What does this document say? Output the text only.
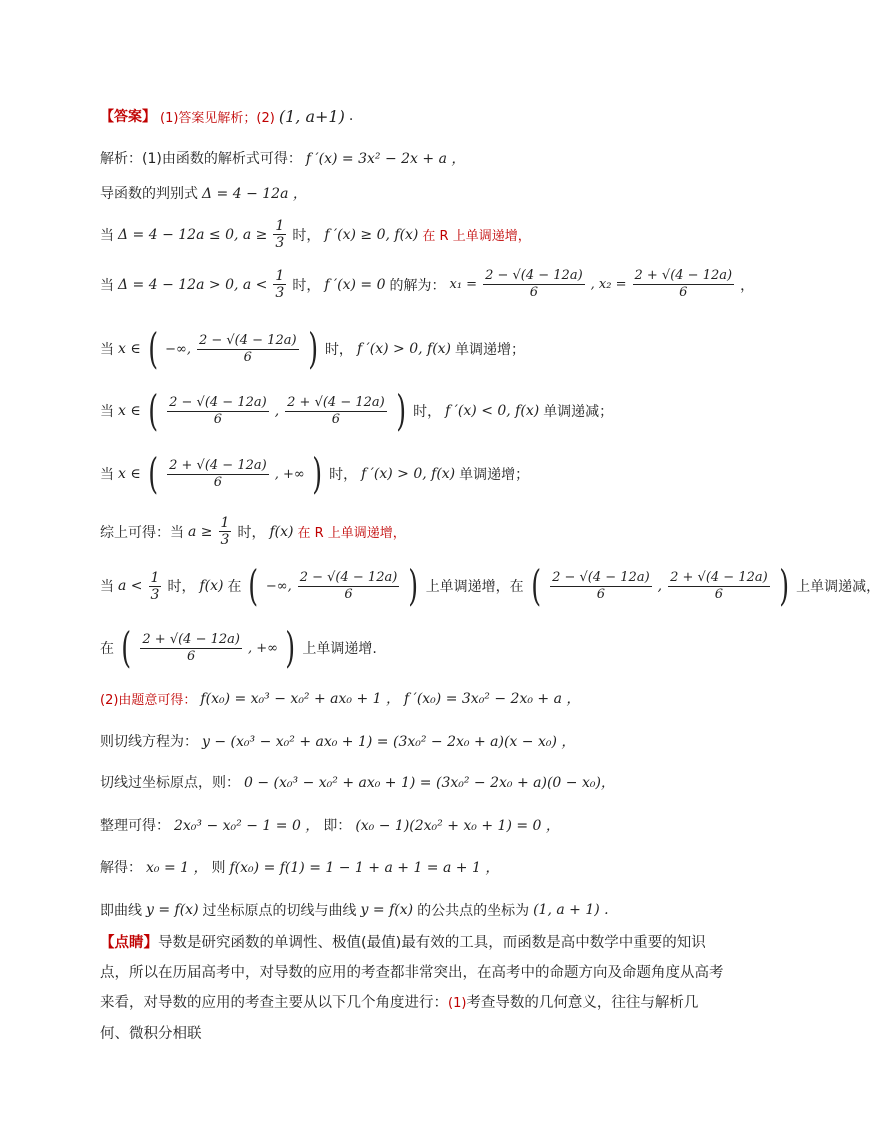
【答案】 (1)答案见解析；(2) (1, a+1) .
解析：(1)由函数的解析式可得： f ′(x) = 3x² − 2x + a ，
导函数的判别式 Δ = 4 − 12a ，
当 Δ = 4 − 12a ≤ 0, $a \ge \frac{1}{3}$ 时， f ′(x) ≥ 0, f(x) 在 R 上单调递增，
当 Δ = 4 − 12a > 0, $a < \frac{1}{3}$ 时， f ′(x) = 0 的解为： $x_1 = \frac{2 - √(4 - 12a)}{6}$ , $x_2 = \frac{2 + √(4 - 12a)}{6}$ ，
当 x ∈ ( −∞, $\frac{2 - √(4 - 12a)}{6}$ ) 时， f ′(x) > 0, f(x) 单调递增；
当 x ∈ ( $\frac{2 - √(4 - 12a)}{6}$ , $\frac{2 + √(4 - 12a)}{6}$ ) 时， f ′(x) < 0, f(x) 单调递减；
当 x ∈ ( $\frac{2 + √(4 - 12a)}{6}$ , +∞ ) 时， f ′(x) > 0, f(x) 单调递增；
综上可得：当 $a \ge \frac{1}{3}$ 时， f(x) 在 R 上单调递增，
当 $a < \frac{1}{3}$ 时， f(x) 在 ( −∞, $\frac{2 - √(4 - 12a)}{6}$ ) 上单调递增，在 ( $\frac{2 - √(4 - 12a)}{6}$ , $\frac{2 + √(4 - 12a)}{6}$ ) 上单调递减，
在 ( $\frac{2 + √(4 - 12a)}{6}$ , +∞ ) 上单调递增.
(2)由题意可得： f(x₀) = x₀³ − x₀² + ax₀ + 1 ， f ′(x₀) = 3x₀² − 2x₀ + a ，
则切线方程为： y − (x₀³ − x₀² + ax₀ + 1) = (3x₀² − 2x₀ + a)(x − x₀) ，
切线过坐标原点，则： 0 − (x₀³ − x₀² + ax₀ + 1) = (3x₀² − 2x₀ + a)(0 − x₀)，
整理可得： 2x₀³ − x₀² − 1 = 0 ， 即： (x₀ − 1)(2x₀² + x₀ + 1) = 0 ，
解得： x₀ = 1 ， 则 f(x₀) = f(1) = 1 − 1 + a + 1 = a + 1 ，
即曲线 y = f(x) 过坐标原点的切线与曲线 y = f(x) 的公共点的坐标为 (1, a + 1) .
【点睛】导数是研究函数的单调性、极值(最值)最有效的工具，而函数是高中数学中重要的知识点，所以在历届高考中，对导数的应用的考查都非常突出，在高考中的命题方向及命题角度从高考来看，对导数的应用的考查主要从以下几个角度进行：(1)考查导数的几何意义，往往与解析几何、微积分相联
